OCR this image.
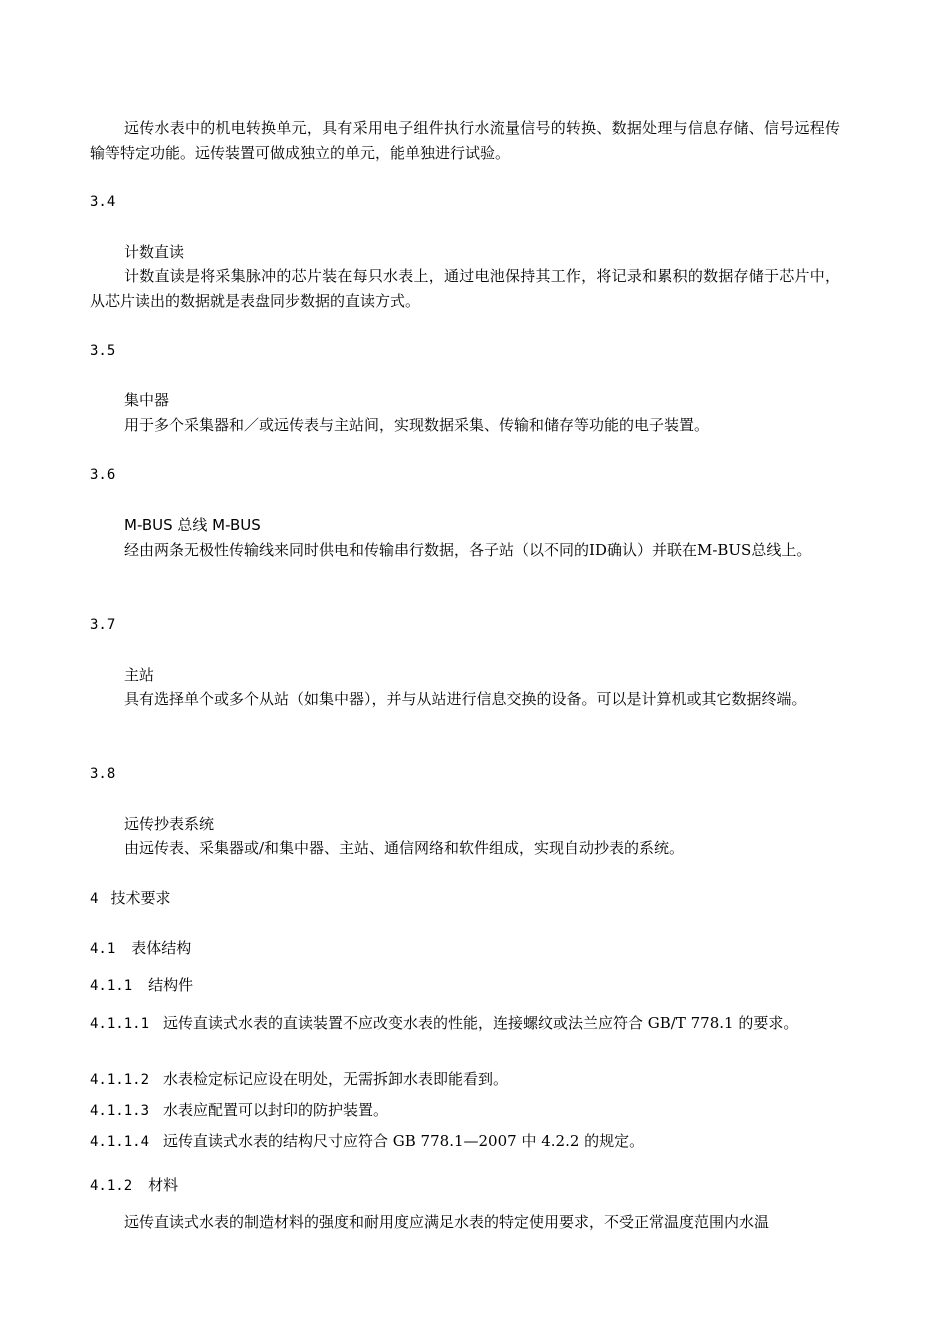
远传水表中的机电转换单元，具有采用电子组件执行水流量信号的转换、数据处理与信息存储、信号远程传输等特定功能。远传装置可做成独立的单元，能单独进行试验。

3.4

计数直读

计数直读是将采集脉冲的芯片装在每只水表上，通过电池保持其工作，将记录和累积的数据存储于芯片中，从芯片读出的数据就是表盘同步数据的直读方式。

3.5

集中器

用于多个采集器和／或远传表与主站间，实现数据采集、传输和储存等功能的电子装置。

3.6

M-BUS 总线 M-BUS

经由两条无极性传输线来同时供电和传输串行数据，各子站（以不同的ID确认）并联在M-BUS总线上。

3.7

主站

具有选择单个或多个从站（如集中器），并与从站进行信息交换的设备。可以是计算机或其它数据终端。

3.8

远传抄表系统

由远传表、采集器或/和集中器、主站、通信网络和软件组成，实现自动抄表的系统。

4 技术要求

4.1 表体结构

4.1.1 结构件

4.1.1.1 远传直读式水表的直读装置不应改变水表的性能，连接螺纹或法兰应符合 GB/T 778.1 的要求。

4.1.1.2 水表检定标记应设在明处，无需拆卸水表即能看到。

4.1.1.3 水表应配置可以封印的防护装置。

4.1.1.4 远传直读式水表的结构尺寸应符合 GB 778.1—2007 中 4.2.2 的规定。

4.1.2 材料

远传直读式水表的制造材料的强度和耐用度应满足水表的特定使用要求，不受正常温度范围内水温
